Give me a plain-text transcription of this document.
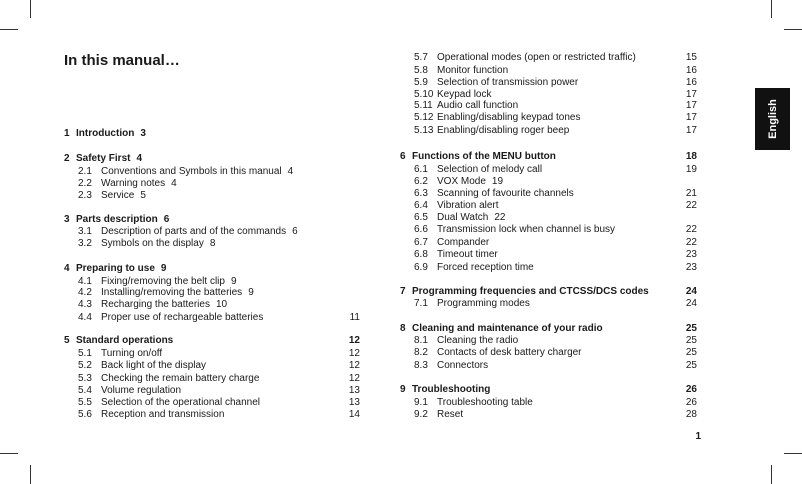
In this manual…
English
1
1 Introduction 3
2 Safety First 4
2.1 Conventions and Symbols in this manual 4
2.2 Warning notes 4
2.3 Service 5
3 Parts description 6
3.1 Description of parts and of the commands 6
3.2 Symbols on the display 8
4 Preparing to use 9
4.1 Fixing/removing the belt clip 9
4.2 Installing/removing the batteries 9
4.3 Recharging the batteries 10
4.4 Proper use of rechargeable batteries	11
5 Standard operations	12
5.1 Turning on/off	12
5.2 Back light of the display	12
5.3 Checking the remain battery charge	12
5.4 Volume regulation	13
5.5 Selection of the operational channel	13
5.6 Reception and transmission	14
5.7 Operational modes (open or restricted traffic)	15
5.8 Monitor function	16
5.9 Selection of transmission power	16
5.10 Keypad lock	17
5.11 Audio call function	17
5.12 Enabling/disabling keypad tones	17
5.13 Enabling/disabling roger beep	17
6 Functions of the MENU button	18
6.1 Selection of melody call	19
6.2 VOX Mode 19
6.3 Scanning of favourite channels	21
6.4 Vibration alert	22
6.5 Dual Watch 22
6.6 Transmission lock when channel is busy	22
6.7 Compander	22
6.8 Timeout timer	23
6.9 Forced reception time	23
7 Programming frequencies and CTCSS/DCS codes	24
7.1 Programming modes	24
8 Cleaning and maintenance of your radio	25
8.1 Cleaning the radio	25
8.2 Contacts of desk battery charger	25
8.3 Connectors	25
9 Troubleshooting	26
9.1 Troubleshooting table	26
9.2 Reset	28
